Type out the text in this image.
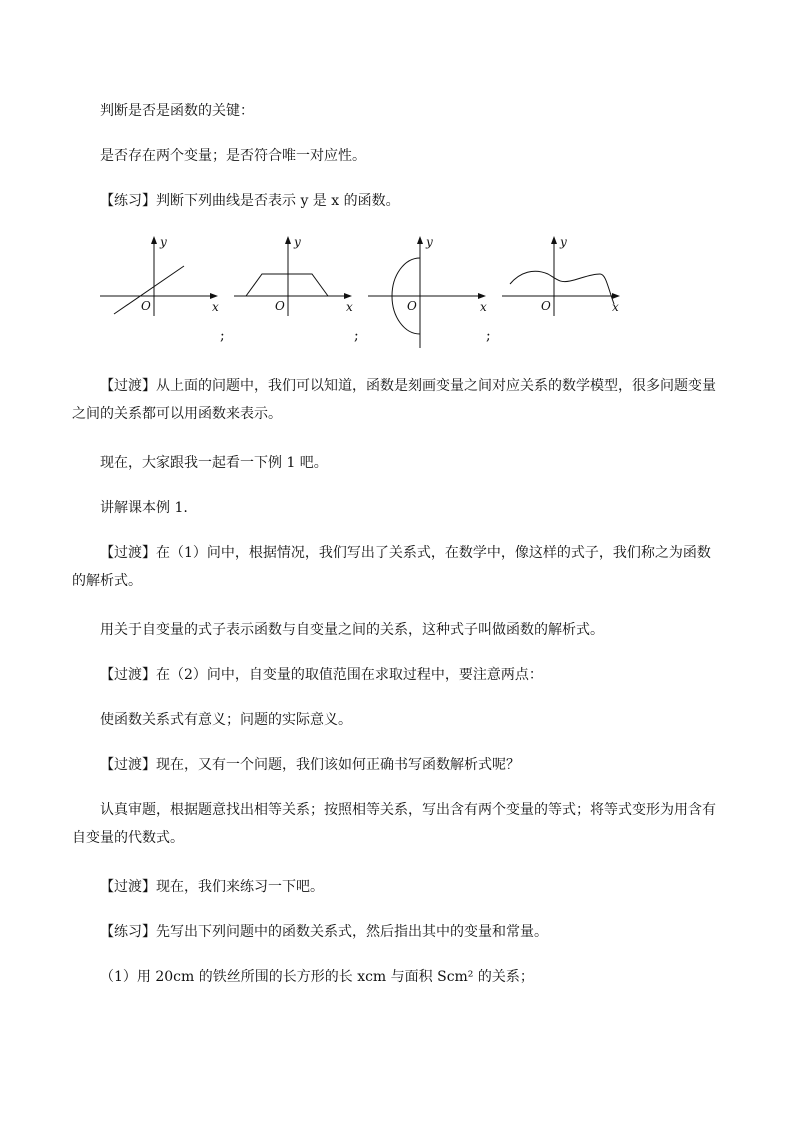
判断是否是函数的关键：

是否存在两个变量；是否符合唯一对应性。

【练习】判断下列曲线是否表示 y 是 x 的函数。

y
O	x
y
O	x
y
O	x
y
O	x
;	;	;

【过渡】从上面的问题中，我们可以知道，函数是刻画变量之间对应关系的数学模型，很多问题变量之间的关系都可以用函数来表示。

现在，大家跟我一起看一下例 1 吧。

讲解课本例 1.

【过渡】在（1）问中，根据情况，我们写出了关系式，在数学中，像这样的式子，我们称之为函数的解析式。

用关于自变量的式子表示函数与自变量之间的关系，这种式子叫做函数的解析式。

【过渡】在（2）问中，自变量的取值范围在求取过程中，要注意两点：

使函数关系式有意义；问题的实际意义。

【过渡】现在，又有一个问题，我们该如何正确书写函数解析式呢？

认真审题，根据题意找出相等关系；按照相等关系，写出含有两个变量的等式；将等式变形为用含有自变量的代数式。

【过渡】现在，我们来练习一下吧。

【练习】先写出下列问题中的函数关系式，然后指出其中的变量和常量。

（1）用 20cm 的铁丝所围的长方形的长 xcm 与面积 Scm² 的关系；
